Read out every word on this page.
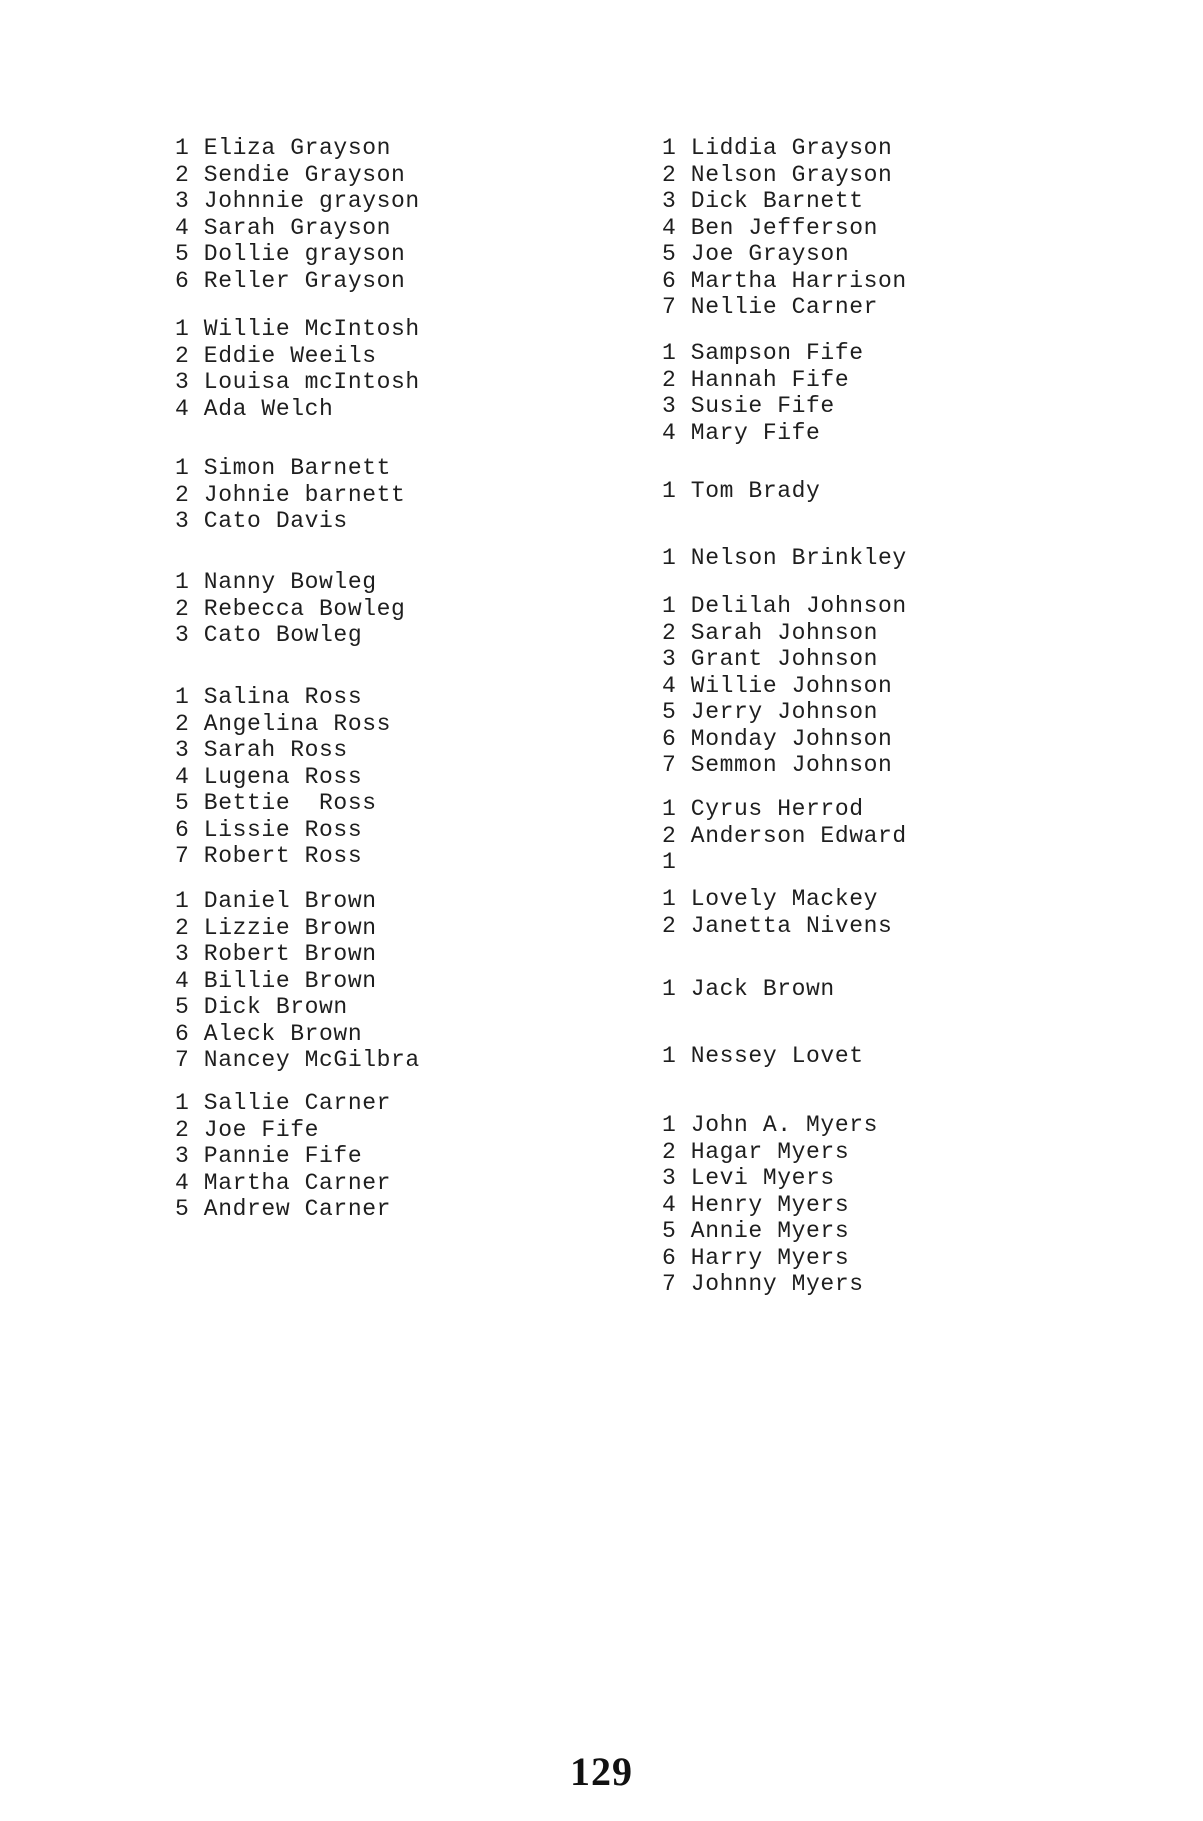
1 Eliza Grayson
2 Sendie Grayson
3 Johnnie grayson
4 Sarah Grayson
5 Dollie grayson
6 Reller Grayson
1 Willie McIntosh
2 Eddie Weeils
3 Louisa mcIntosh
4 Ada Welch
1 Simon Barnett
2 Johnie barnett
3 Cato Davis
1 Nanny Bowleg
2 Rebecca Bowleg
3 Cato Bowleg
1 Salina Ross
2 Angelina Ross
3 Sarah Ross
4 Lugena Ross
5 Bettie  Ross
6 Lissie Ross
7 Robert Ross
1 Daniel Brown
2 Lizzie Brown
3 Robert Brown
4 Billie Brown
5 Dick Brown
6 Aleck Brown
7 Nancey McGilbra
1 Sallie Carner
2 Joe Fife
3 Pannie Fife
4 Martha Carner
5 Andrew Carner
1 Liddia Grayson
2 Nelson Grayson
3 Dick Barnett
4 Ben Jefferson
5 Joe Grayson
6 Martha Harrison
7 Nellie Carner
1 Sampson Fife
2 Hannah Fife
3 Susie Fife
4 Mary Fife
1 Tom Brady
1 Nelson Brinkley
1 Delilah Johnson
2 Sarah Johnson
3 Grant Johnson
4 Willie Johnson
5 Jerry Johnson
6 Monday Johnson
7 Semmon Johnson
1 Cyrus Herrod
2 Anderson Edward
1
1 Lovely Mackey
2 Janetta Nivens
1 Jack Brown
1 Nessey Lovet
1 John A. Myers
2 Hagar Myers
3 Levi Myers
4 Henry Myers
5 Annie Myers
6 Harry Myers
7 Johnny Myers
129
